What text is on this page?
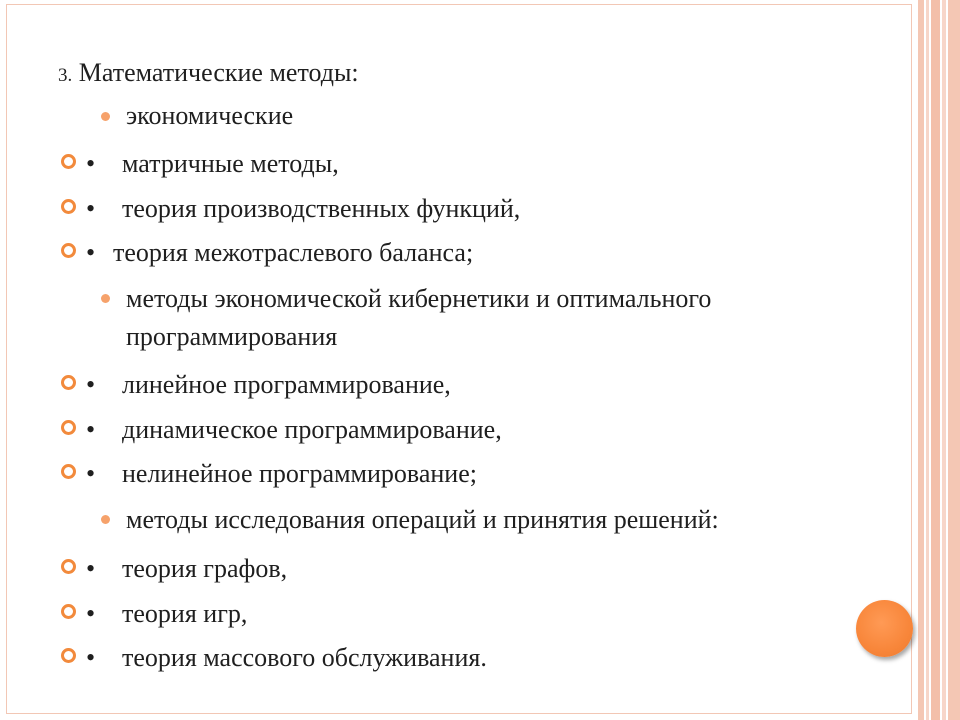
3. Математические методы:
экономические
• матричные методы,
• теория производственных функций,
• теория межотраслевого баланса;
методы экономической кибернетики и оптимального
программирования
• линейное программирование,
• динамическое программирование,
• нелинейное программирование;
методы исследования операций и принятия решений:
• теория графов,
• теория игр,
• теория массового обслуживания.
